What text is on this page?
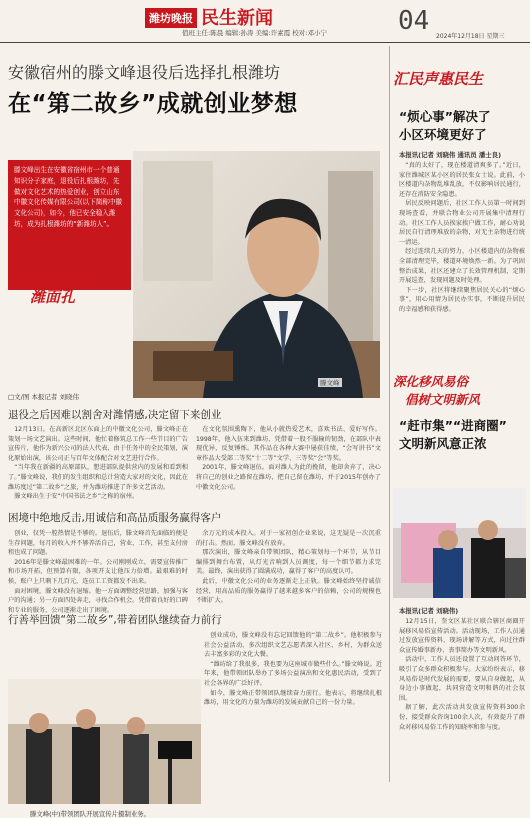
潍坊晚报 民生新闻
值班主任:陈晨 编辑:孙涛 美编:许素霞 校对:邓小宁	04
2024年12月18日 星期三
安徽宿州的滕文峰退役后选择扎根潍坊
在“第二故乡”成就创业梦想
滕文峰出生在安徽省宿州市一个普通知识分子家庭，退役后扎根潍坊，先做对文化艺术的热爱创业，创立山东中徽文化传媒有限公司(以下简称中徽文化公司)，如今，他已安全稳入潍坊，成为扎根潍坊的“新潍坊人”。
探寻经济活力
潍面孔
滕文峰
□文/图 本报记者 刘晓伟
退役之后因难以割舍对潍情感,决定留下来创业

12月13日，在高新区北区东面上的中徽文化公司，滕文峰正在策划一场文艺演出。这些时间，他忙着修筑总工作一些节目的广告宣传片，他作为新兴公司的法人代表，由于任务中的全民策划，演化原始出演，该公司正与百年文体配合对文艺进行合作。

“当年我在新疆的高原部队，想进部队提供营内的发展和看到相了。”滕文峰说，我们的发生组织和总计营造大家对的文化，因此在潍坊度过“第二故乡”之旅，并为潍坊推进了许多文艺活动。

滕文峰出生于安“中国书法之乡”之称的宿州。

在文化氛围熏陶下，他从小就热爱艺术，喜欢书法、爱好写作。1998年，他入伍来到潍坊，凭借着一股不服输的韧劲，在部队中表现优异，反复锤炼。其作品在各种大赛中屡获佳绩，“会写讲书”文章作品大受部二等奖“十二等”文学、三等奖“会”等奖。

2001年，滕文峰退伍。面对潍人为此的挽留，他却舍弃了，决心将自己的创业之路留在潍坊，把自己留在潍坊，并于2015年创办了中徽文化公司。

困境中绝地反击,用诚信和高品质服务赢得客户

创业，仅凭一腔热情是不够的。退伍后，滕文峰首先面临的便是生存问题，每月的收入并不够养活自己，营业、工作，甚至支付房租也成了问题。

2016年是滕文峰最困难的一年。公司刚刚成立，需要宣传推广和市场开拓，但预算有限，各项开支让他压力倍增。最艰难的时候，账户上只剩下几百元，连员工工资都发不出来。

面对困境，滕文峰没有退缩。他一方面调整经营思路，加强与客户的沟通；另一方面四处奔走，寻找合作机会。凭借着良好的口碑和专业的服务，公司逐渐走出了困境。

余万元的成本投入。对于一家初创企业来说，这无疑是一次沉重的打击。然而，滕文峰没有放弃。

那次演出，滕文峰亲自带领团队，精心策划每一个环节，从节目编排到舞台布置，从灯光音响到人员调度，每一个细节都力求完美。最终，演出获得了圆满成功，赢得了客户的高度认可。

此后，中徽文化公司的业务逐渐走上正轨。滕文峰始终坚持诚信经营，用高品质的服务赢得了越来越多客户的信赖，公司的规模也不断扩大。

行善举回馈“第二故乡”,带着团队继续奋力前行

创业成功，滕文峰没有忘记回馈他的“第二故乡”。他积极参与社会公益活动，多次组织文艺志愿者深入社区、乡村，为群众送去丰富多彩的文化大餐。

“潍坊给了我很多，我也要为这座城市做些什么。”滕文峰说。近年来，他带领团队举办了多场公益演出和文化惠民活动，受到了社会各界的广泛好评。

如今，滕文峰正带领团队继续奋力前行。他表示，将继续扎根潍坊，用文化的力量为潍坊的发展贡献自己的一份力量。

滕文峰(中)带领团队开展宣传片摄制业务。
汇民声惠民生
“烦心事”解决了
小区环境更好了
本报讯(记者 刘晓伟 通讯员 潘士良)

“真的太好了，现在楼道清爽多了。”近日，家住潍城区某小区的居民张女士说。此前，小区楼道内杂物乱堆乱放，不仅影响居民通行，还存在消防安全隐患。

居民反映问题后，社区工作人员第一时间到现场查看，并联合物业公司开展集中清理行动。社区工作人员挨家挨户做工作，耐心劝说居民自行清理堆放的杂物，对无主杂物进行统一清运。

经过连续几天的努力，小区楼道内的杂物被全部清理完毕，楼道环境焕然一新。为了巩固整治成果，社区还建立了长效管理机制，定期开展巡查，发现问题及时处理。

下一步，社区将继续聚焦居民关心的“烦心事”，用心用情为居民办实事，不断提升居民的幸福感和获得感。

深化移风易俗
倡树文明新风
“赶市集”“进商圈”
文明新风意正浓
本报讯(记者 刘晓伟)

12月15日，奎文区某社区联合辖区商圈开展移风易俗宣传活动。活动现场，工作人员通过发放宣传资料、现场讲解等方式，向过往群众宣传婚事新办、丧事简办等文明新风。

活动中，工作人员还设置了互动问答环节，吸引了众多群众积极参与。大家纷纷表示，移风易俗是时代发展的需要，要从自身做起，从身边小事做起，共同营造文明和谐的社会氛围。

据了解，此次活动共发放宣传资料300余份，接受群众咨询100余人次，有效提升了群众对移风易俗工作的知晓率和参与度。
